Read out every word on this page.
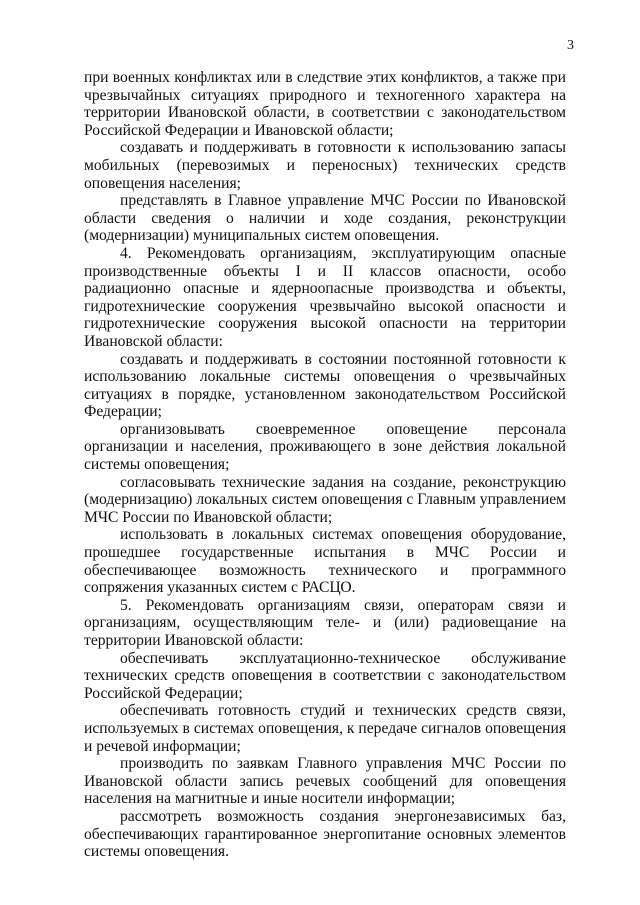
3

при военных конфликтах или в следствие этих конфликтов, а также при чрезвычайных ситуациях природного и техногенного характера на территории Ивановской области, в соответствии с законодательством Российской Федерации и Ивановской области;

создавать и поддерживать в готовности к использованию запасы мобильных (перевозимых и переносных) технических средств оповещения населения;

представлять в Главное управление МЧС России по Ивановской области сведения о наличии и ходе создания, реконструкции (модернизации) муниципальных систем оповещения.

4. Рекомендовать организациям, эксплуатирующим опасные производственные объекты I и II классов опасности, особо радиационно опасные и ядерноопасные производства и объекты, гидротехнические сооружения чрезвычайно высокой опасности и гидротехнические сооружения высокой опасности на территории Ивановской области:

создавать и поддерживать в состоянии постоянной готовности к использованию локальные системы оповещения о чрезвычайных ситуациях в порядке, установленном законодательством Российской Федерации;

организовывать своевременное оповещение персонала организации и населения, проживающего в зоне действия локальной системы оповещения;

согласовывать технические задания на создание, реконструкцию (модернизацию) локальных систем оповещения с Главным управлением МЧС России по Ивановской области;

использовать в локальных системах оповещения оборудование, прошедшее государственные испытания в МЧС России и обеспечивающее возможность технического и программного сопряжения указанных систем с РАСЦО.

5. Рекомендовать организациям связи, операторам связи и организациям, осуществляющим теле- и (или) радиовещание на территории Ивановской области:

обеспечивать эксплуатационно-техническое обслуживание технических средств оповещения в соответствии с законодательством Российской Федерации;

обеспечивать готовность студий и технических средств связи, используемых в системах оповещения, к передаче сигналов оповещения и речевой информации;

производить по заявкам Главного управления МЧС России по Ивановской области запись речевых сообщений для оповещения населения на магнитные и иные носители информации;

рассмотреть возможность создания энергонезависимых баз, обеспечивающих гарантированное энергопитание основных элементов системы оповещения.
